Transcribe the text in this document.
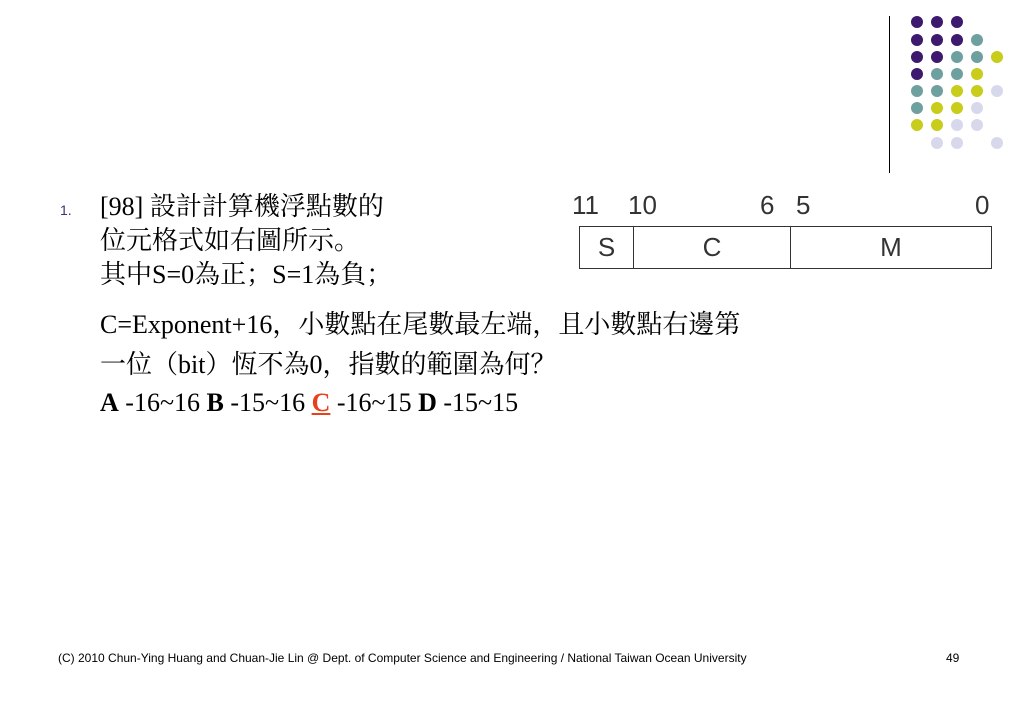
1. [98] 設計計算機浮點數的
位元格式如右圖所示。
其中S=0為正；S=1為負；
C=Exponent+16，小數點在尾數最左端，且小數點右邊第
一位（bit）恆不為0，指數的範圍為何？
A -16~16 B -15~16 C -16~15 D -15~15
11 10	6 5	0
S	C	M
(C) 2010 Chun-Ying Huang and Chuan-Jie Lin @ Dept. of Computer Science and Engineering / National Taiwan Ocean University	49
